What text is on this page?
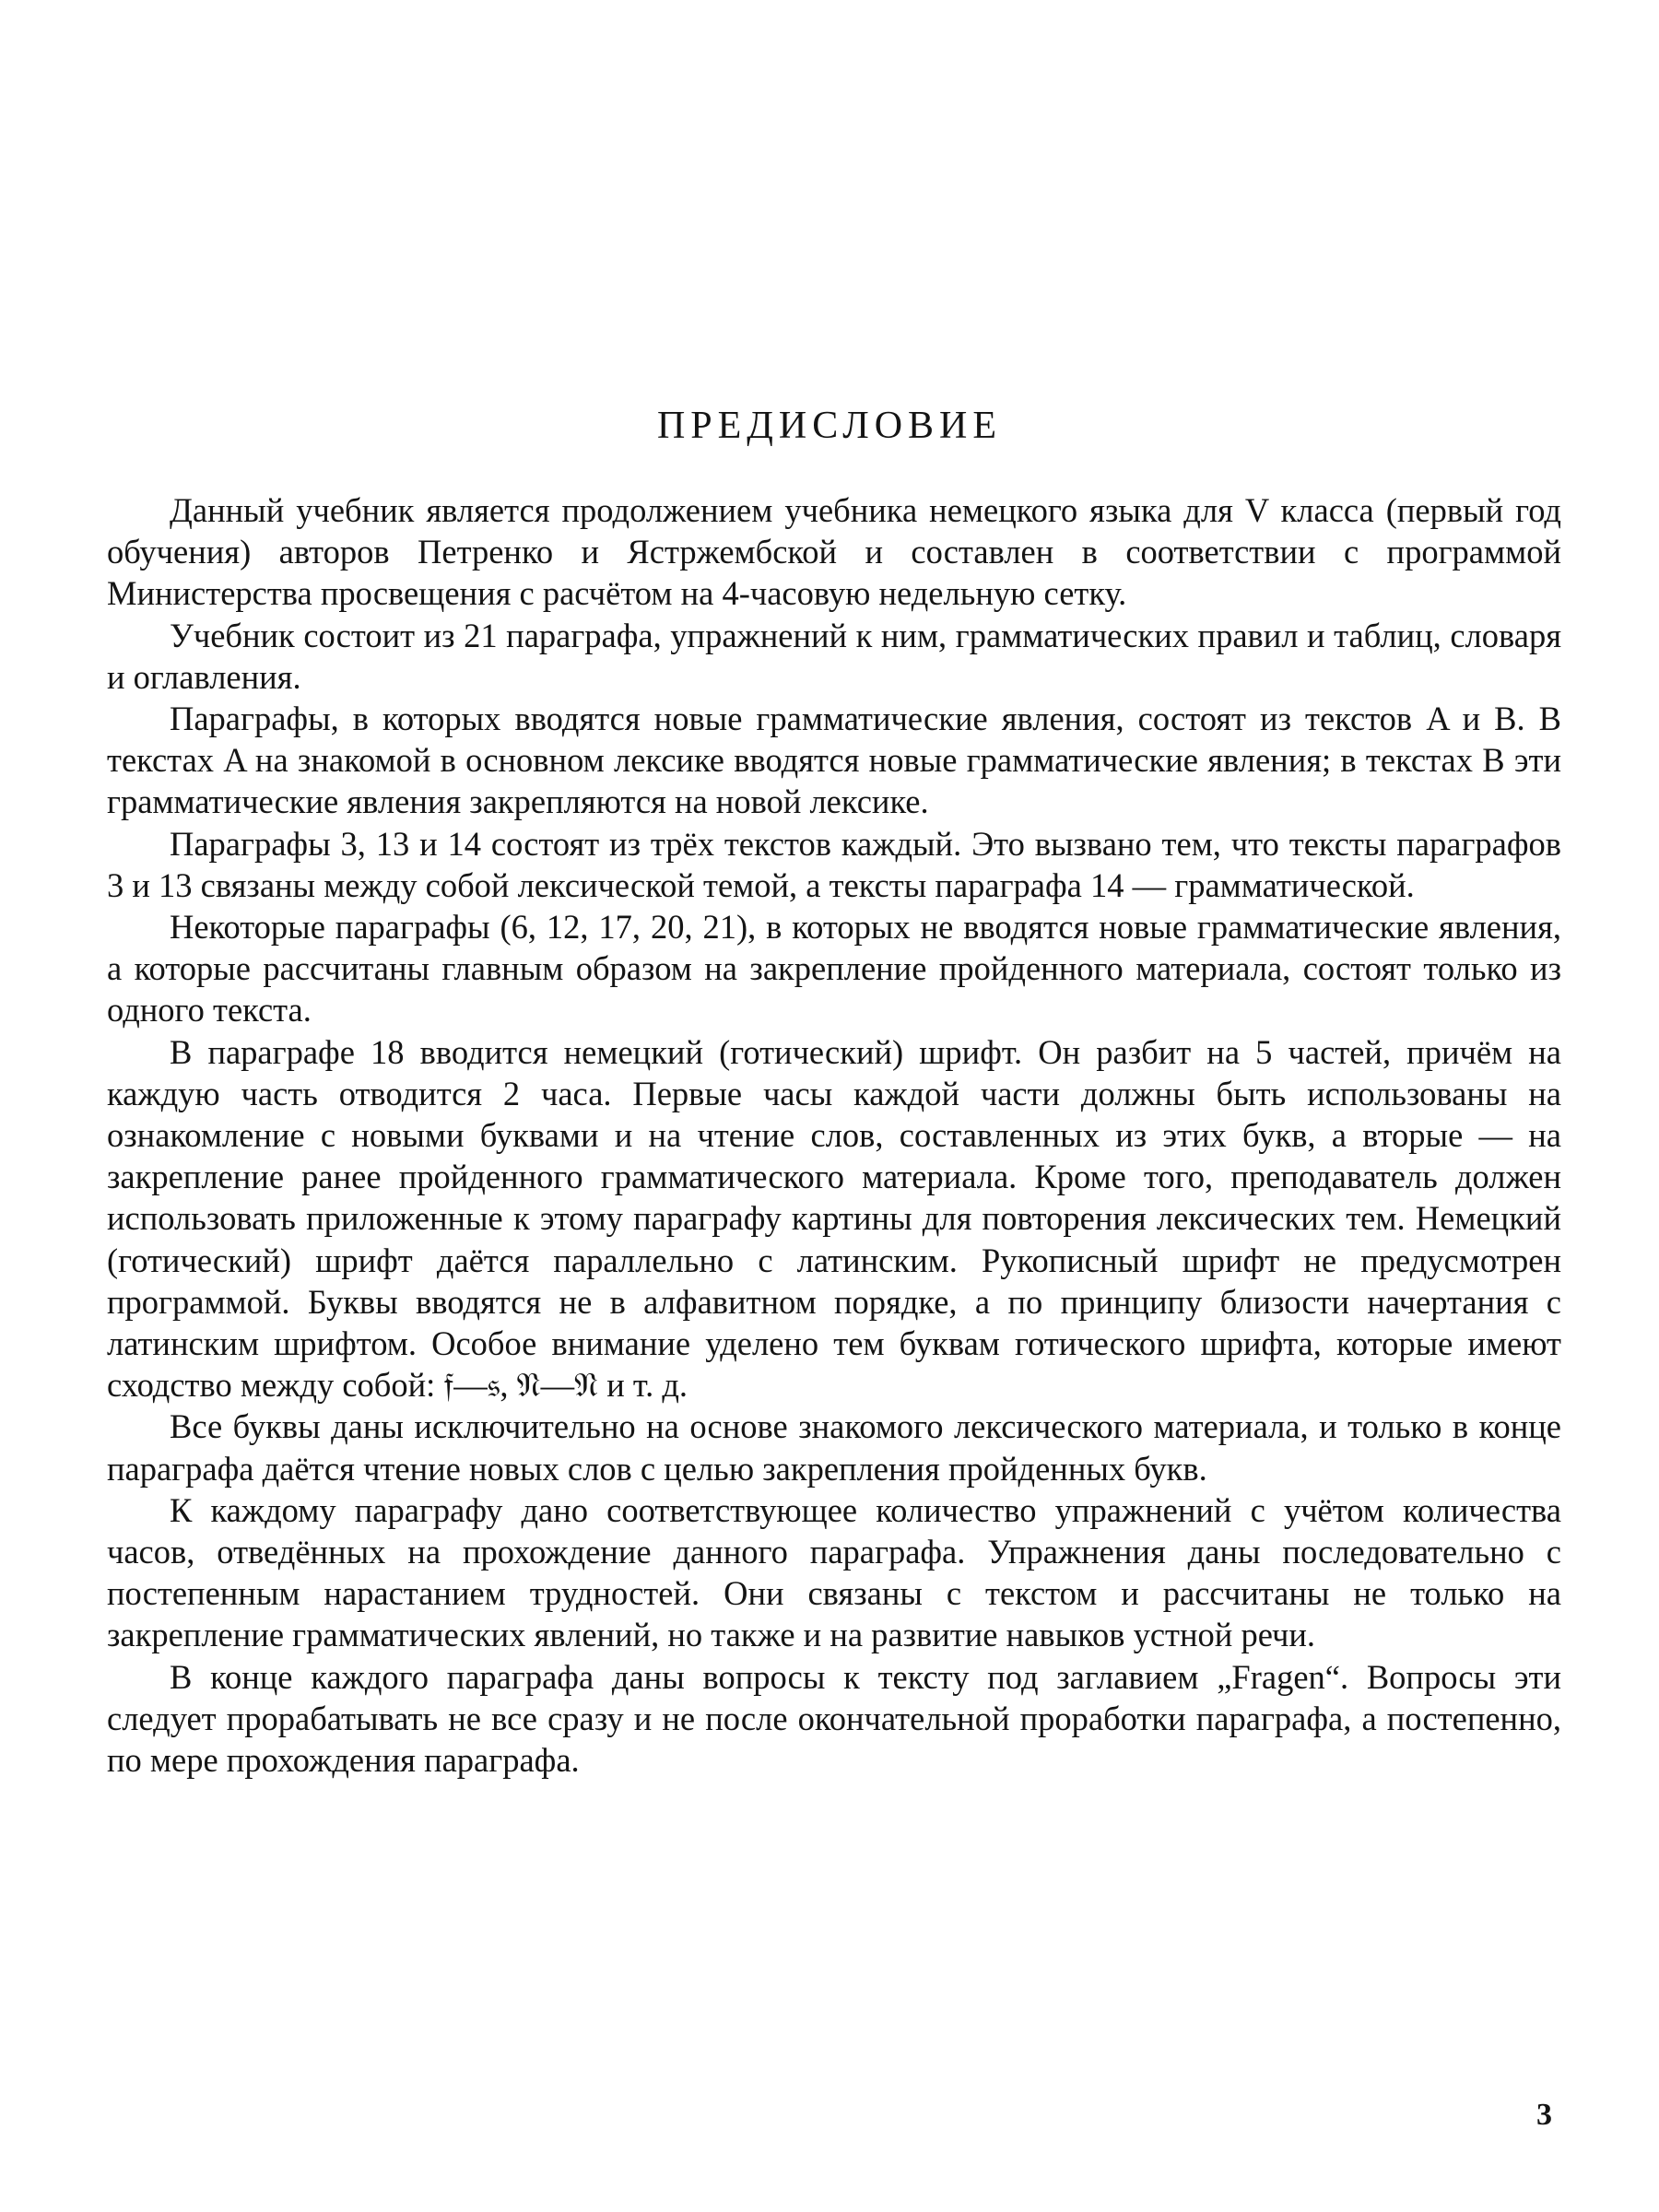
ПРЕДИСЛОВИЕ

Данный учебник является продолжением учебника немецкого языка для V класса (первый год обучения) авторов Петренко и Ястржембской и составлен в соответствии с программой Министерства просвещения с расчётом на 4-часовую недельную сетку.

Учебник состоит из 21 параграфа, упражнений к ним, грамматических правил и таблиц, словаря и оглавления.

Параграфы, в которых вводятся новые грамматические явления, состоят из текстов A и B. В текстах A на знакомой в основном лексике вводятся новые грамматические явления; в текстах B эти грамматические явления закрепляются на новой лексике.

Параграфы 3, 13 и 14 состоят из трёх текстов каждый. Это вызвано тем, что тексты параграфов 3 и 13 связаны между собой лексической темой, а тексты параграфа 14 — грамматической.

Некоторые параграфы (6, 12, 17, 20, 21), в которых не вводятся новые грамматические явления, а которые рассчитаны главным образом на закрепление пройденного материала, состоят только из одного текста.

В параграфе 18 вводится немецкий (готический) шрифт. Он разбит на 5 частей, причём на каждую часть отводится 2 часа. Первые часы каждой части должны быть использованы на ознакомление с новыми буквами и на чтение слов, составленных из этих букв, а вторые — на закрепление ранее пройденного грамматического материала. Кроме того, преподаватель должен использовать приложенные к этому параграфу картины для повторения лексических тем. Немецкий (готический) шрифт даётся параллельно с латинским. Рукописный шрифт не предусмотрен программой. Буквы вводятся не в алфавитном порядке, а по принципу близости начертания с латинским шрифтом. Особое внимание уделено тем буквам готического шрифта, которые имеют сходство между собой: 𝔣—𝔰, 𝔑—𝔑 и т. д.

Все буквы даны исключительно на основе знакомого лексического материала, и только в конце параграфа даётся чтение новых слов с целью закрепления пройденных букв.

К каждому параграфу дано соответствующее количество упражнений с учётом количества часов, отведённых на прохождение данного параграфа. Упражнения даны последовательно с постепенным нарастанием трудностей. Они связаны с текстом и рассчитаны не только на закрепление грамматических явлений, но также и на развитие навыков устной речи.

В конце каждого параграфа даны вопросы к тексту под заглавием „Fragen“. Вопросы эти следует прорабатывать не все сразу и не после окончательной проработки параграфа, а постепенно, по мере прохождения параграфа.

3
